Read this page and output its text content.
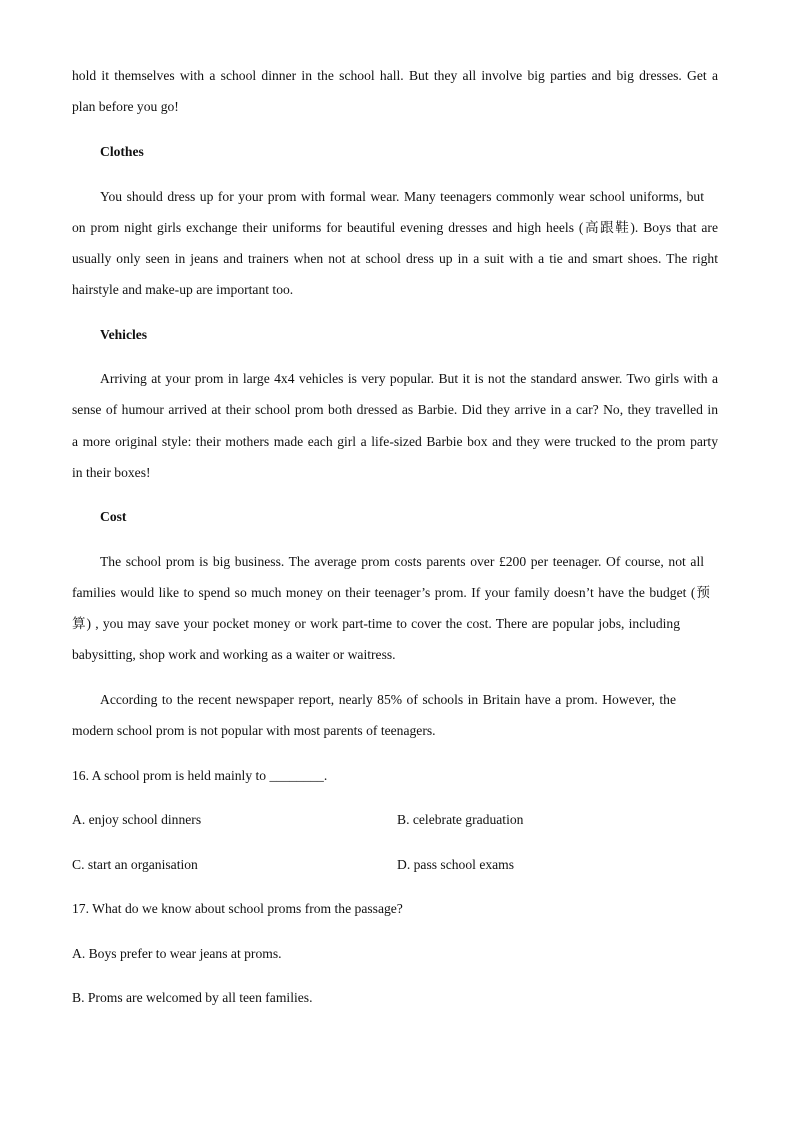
hold it themselves with a school dinner in the school hall. But they all involve big parties and big dresses. Get a
plan before you go!
Clothes
You should dress up for your prom with formal wear. Many teenagers commonly wear school uniforms, but
on prom night girls exchange their uniforms for beautiful evening dresses and high heels (高跟鞋). Boys that are
usually only seen in jeans and trainers when not at school dress up in a suit with a tie and smart shoes. The right
hairstyle and make-up are important too.
Vehicles
Arriving at your prom in large 4x4 vehicles is very popular. But it is not the standard answer. Two girls with a
sense of humour arrived at their school prom both dressed as Barbie. Did they arrive in a car? No, they travelled in
a more original style: their mothers made each girl a life-sized Barbie box and they were trucked to the prom party
in their boxes!
Cost
The school prom is big business. The average prom costs parents over £200 per teenager. Of course, not all
families would like to spend so much money on their teenager’s prom. If your family doesn’t have the budget (预
算) , you may save your pocket money or work part-time to cover the cost. There are popular jobs, including
babysitting, shop work and working as a waiter or waitress.
According to the recent newspaper report, nearly 85% of schools in Britain have a prom. However, the
modern school prom is not popular with most parents of teenagers.
16. A school prom is held mainly to ________.
A. enjoy school dinners	B. celebrate graduation
C. start an organisation	D. pass school exams
17. What do we know about school proms from the passage?
A. Boys prefer to wear jeans at proms.
B. Proms are welcomed by all teen families.
